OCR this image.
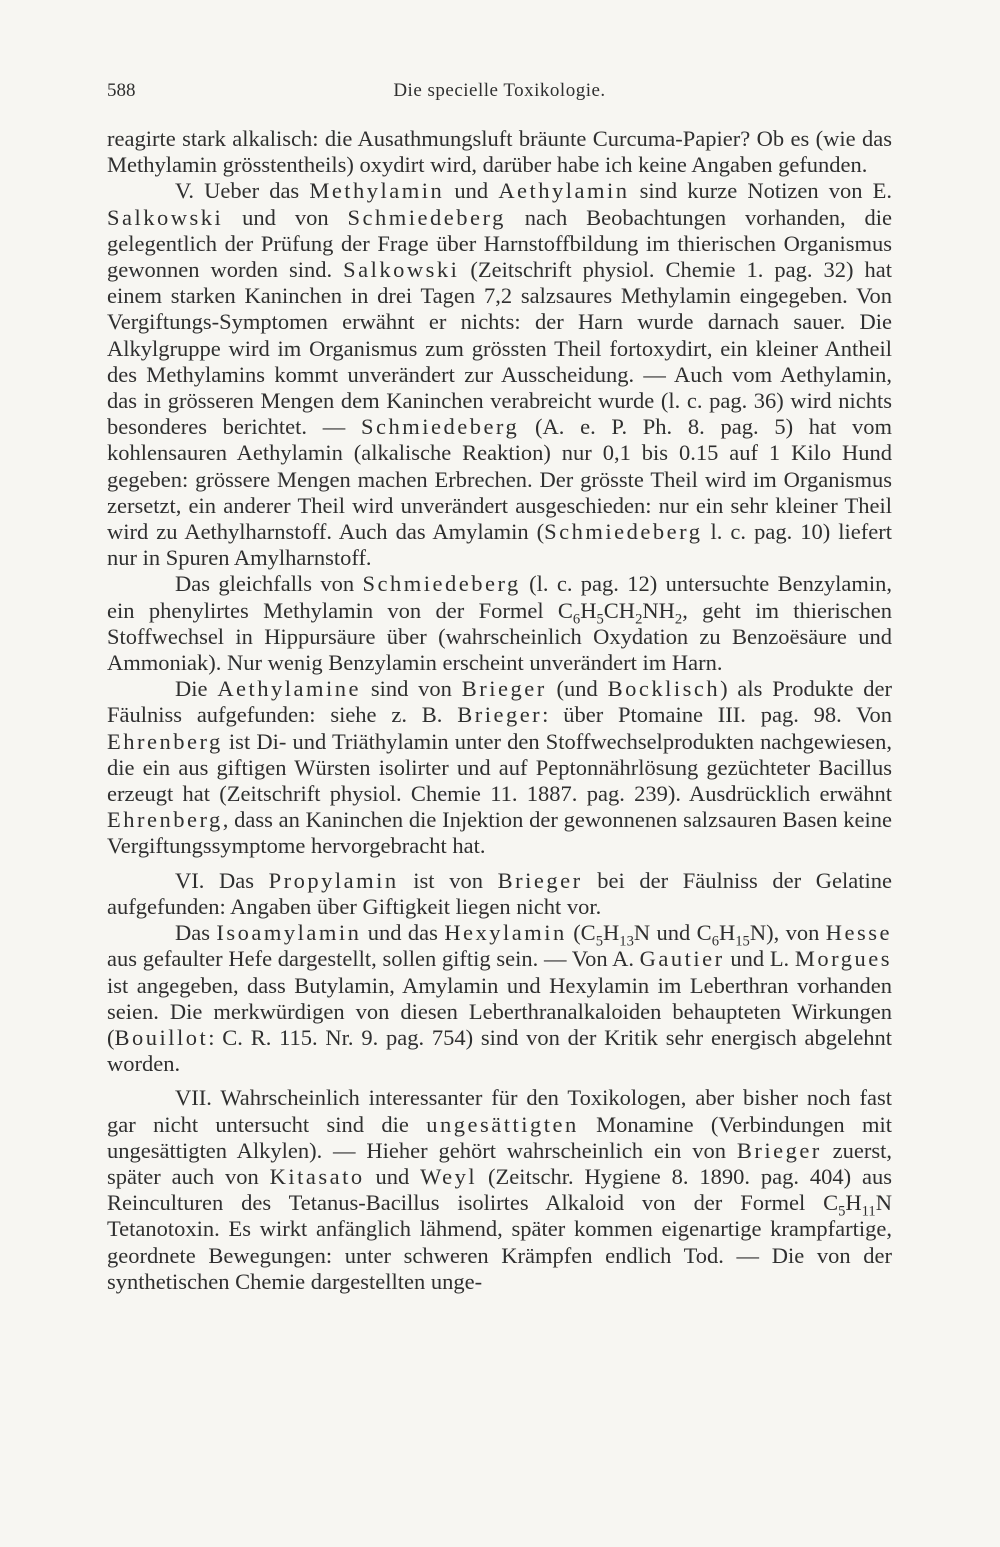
588	Die specielle Toxikologie.

reagirte stark alkalisch: die Ausathmungsluft bräunte Curcuma-Papier? Ob es (wie das Methylamin grösstentheils) oxydirt wird, darüber habe ich keine Angaben gefunden.

V. Ueber das Methylamin und Aethylamin sind kurze Notizen von E. Salkowski und von Schmiedeberg nach Beobachtungen vorhanden, die gelegentlich der Prüfung der Frage über Harnstoffbildung im thierischen Organismus gewonnen worden sind. Salkowski (Zeitschrift physiol. Chemie 1. pag. 32) hat einem starken Kaninchen in drei Tagen 7,2 salzsaures Methylamin eingegeben. Von Vergiftungs-Symptomen erwähnt er nichts: der Harn wurde darnach sauer. Die Alkylgruppe wird im Organismus zum grössten Theil fortoxydirt, ein kleiner Antheil des Methylamins kommt unverändert zur Ausscheidung. — Auch vom Aethylamin, das in grösseren Mengen dem Kaninchen verabreicht wurde (l. c. pag. 36) wird nichts besonderes berichtet. — Schmiedeberg (A. e. P. Ph. 8. pag. 5) hat vom kohlensauren Aethylamin (alkalische Reaktion) nur 0,1 bis 0.15 auf 1 Kilo Hund gegeben: grössere Mengen machen Erbrechen. Der grösste Theil wird im Organismus zersetzt, ein anderer Theil wird unverändert ausgeschieden: nur ein sehr kleiner Theil wird zu Aethylharnstoff. Auch das Amylamin (Schmiedeberg l. c. pag. 10) liefert nur in Spuren Amylharnstoff.

Das gleichfalls von Schmiedeberg (l. c. pag. 12) untersuchte Benzylamin, ein phenylirtes Methylamin von der Formel $C_6H_5CH_2NH_2$, geht im thierischen Stoffwechsel in Hippursäure über (wahrscheinlich Oxydation zu Benzoësäure und Ammoniak). Nur wenig Benzylamin erscheint unverändert im Harn.

Die Aethylamine sind von Brieger (und Bocklisch) als Produkte der Fäulniss aufgefunden: siehe z. B. Brieger: über Ptomaine III. pag. 98. Von Ehrenberg ist Di- und Triäthylamin unter den Stoffwechselprodukten nachgewiesen, die ein aus giftigen Würsten isolirter und auf Peptonnährlösung gezüchteter Bacillus erzeugt hat (Zeitschrift physiol. Chemie 11. 1887. pag. 239). Ausdrücklich erwähnt Ehrenberg, dass an Kaninchen die Injektion der gewonnenen salzsauren Basen keine Vergiftungssymptome hervorgebracht hat.

VI. Das Propylamin ist von Brieger bei der Fäulniss der Gelatine aufgefunden: Angaben über Giftigkeit liegen nicht vor.

Das Isoamylamin und das Hexylamin ($C_5H_{13}N$ und $C_6H_{15}N$), von Hesse aus gefaulter Hefe dargestellt, sollen giftig sein. — Von A. Gautier und L. Morgues ist angegeben, dass Butylamin, Amylamin und Hexylamin im Leberthran vorhanden seien. Die merkwürdigen von diesen Leberthranalkaloiden behaupteten Wirkungen (Bouillot: C. R. 115. Nr. 9. pag. 754) sind von der Kritik sehr energisch abgelehnt worden.

VII. Wahrscheinlich interessanter für den Toxikologen, aber bisher noch fast gar nicht untersucht sind die ungesättigten Monamine (Verbindungen mit ungesättigten Alkylen). — Hieher gehört wahrscheinlich ein von Brieger zuerst, später auch von Kitasato und Weyl (Zeitschr. Hygiene 8. 1890. pag. 404) aus Reinculturen des Tetanus-Bacillus isolirtes Alkaloid von der Formel $C_5H_{11}N$ Tetanotoxin. Es wirkt anfänglich lähmend, später kommen eigenartige krampfartige, geordnete Bewegungen: unter schweren Krämpfen endlich Tod. — Die von der synthetischen Chemie dargestellten unge-
